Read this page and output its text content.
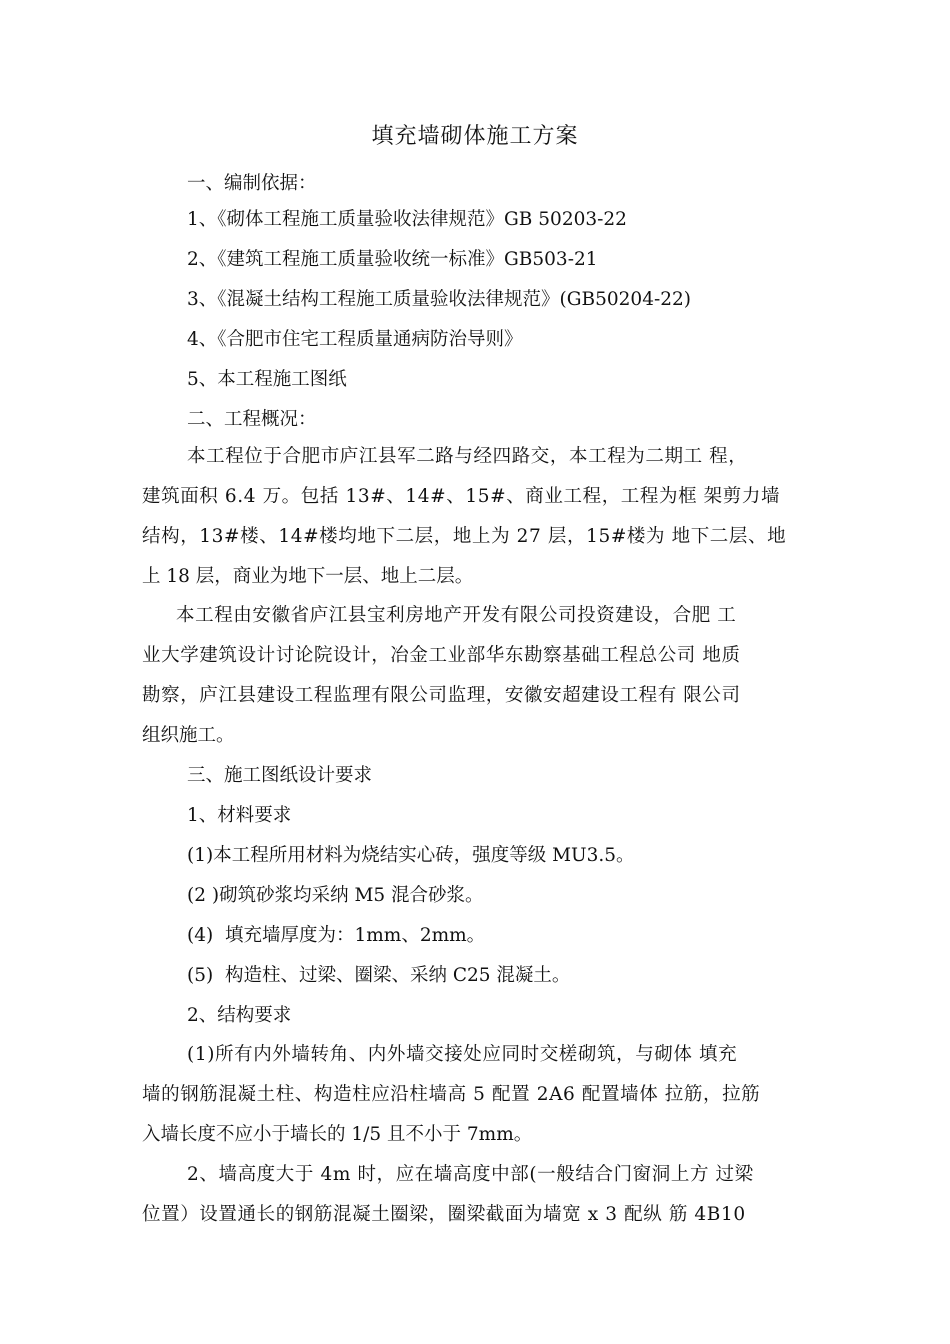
填充墙砌体施工方案
一、编制依据：
1、《砌体工程施工质量验收法律规范》GB 50203-22
2、《建筑工程施工质量验收统一标准》GB503-21
3、《混凝土结构工程施工质量验收法律规范》(GB50204-22)
4、《合肥市住宅工程质量通病防治导则》
5、本工程施工图纸
二、工程概况：
本工程位于合肥市庐江县军二路与经四路交，本工程为二期工 程，
建筑面积 6.4 万。包括 13#、14#、15#、商业工程，工程为框 架剪力墙
结构，13#楼、14#楼均地下二层，地上为 27 层，15#楼为 地下二层、地
上 18 层，商业为地下一层、地上二层。
本工程由安徽省庐江县宝利房地产开发有限公司投资建设，合肥 工
业大学建筑设计讨论院设计，冶金工业部华东勘察基础工程总公司 地质
勘察，庐江县建设工程监理有限公司监理，安徽安超建设工程有 限公司
组织施工。
三、施工图纸设计要求
1、材料要求
(1)本工程所用材料为烧结实心砖，强度等级 MU3.5。
(2 )砌筑砂浆均采纳 M5 混合砂浆。
(4)  填充墙厚度为：1mm、2mm。
(5)  构造柱、过梁、圈梁、采纳 C25 混凝土。
2、结构要求
(1)所有内外墙转角、内外墙交接处应同时交槎砌筑，与砌体 填充
墙的钢筋混凝土柱、构造柱应沿柱墙高 5 配置 2A6 配置墙体 拉筋，拉筋
入墙长度不应小于墙长的 1/5 且不小于 7mm。
2、墙高度大于 4m 时，应在墙高度中部(一般结合门窗洞上方 过梁
位置）设置通长的钢筋混凝土圈梁，圈梁截面为墙宽 x 3 配纵 筋 4B10
